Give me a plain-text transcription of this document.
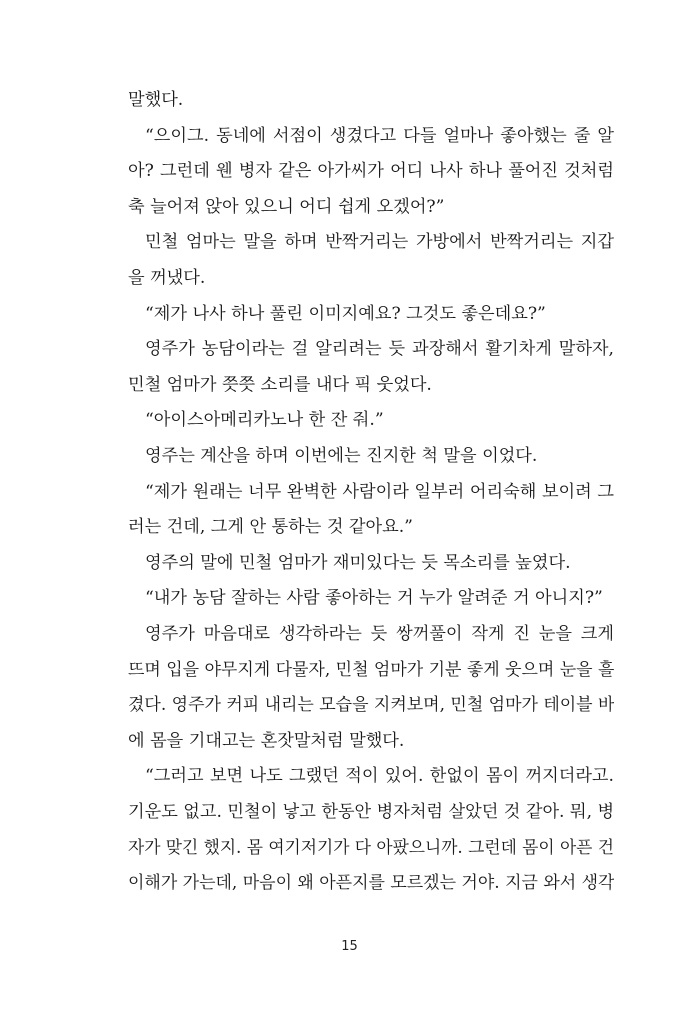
말했다.
“으이그. 동네에 서점이 생겼다고 다들 얼마나 좋아했는 줄 알
아? 그런데 웬 병자 같은 아가씨가 어디 나사 하나 풀어진 것처럼
축 늘어져 앉아 있으니 어디 쉽게 오겠어?”
민철 엄마는 말을 하며 반짝거리는 가방에서 반짝거리는 지갑
을 꺼냈다.
“제가 나사 하나 풀린 이미지예요? 그것도 좋은데요?”
영주가 농담이라는 걸 알리려는 듯 과장해서 활기차게 말하자,
민철 엄마가 쯧쯧 소리를 내다 픽 웃었다.
“아이스아메리카노나 한 잔 줘.”
영주는 계산을 하며 이번에는 진지한 척 말을 이었다.
“제가 원래는 너무 완벽한 사람이라 일부러 어리숙해 보이려 그
러는 건데, 그게 안 통하는 것 같아요.”
영주의 말에 민철 엄마가 재미있다는 듯 목소리를 높였다.
“내가 농담 잘하는 사람 좋아하는 거 누가 알려준 거 아니지?”
영주가 마음대로 생각하라는 듯 쌍꺼풀이 작게 진 눈을 크게
뜨며 입을 야무지게 다물자, 민철 엄마가 기분 좋게 웃으며 눈을 흘
겼다. 영주가 커피 내리는 모습을 지켜보며, 민철 엄마가 테이블 바
에 몸을 기대고는 혼잣말처럼 말했다.
“그러고 보면 나도 그랬던 적이 있어. 한없이 몸이 꺼지더라고.
기운도 없고. 민철이 낳고 한동안 병자처럼 살았던 것 같아. 뭐, 병
자가 맞긴 했지. 몸 여기저기가 다 아팠으니까. 그런데 몸이 아픈 건
이해가 가는데, 마음이 왜 아픈지를 모르겠는 거야. 지금 와서 생각
15
